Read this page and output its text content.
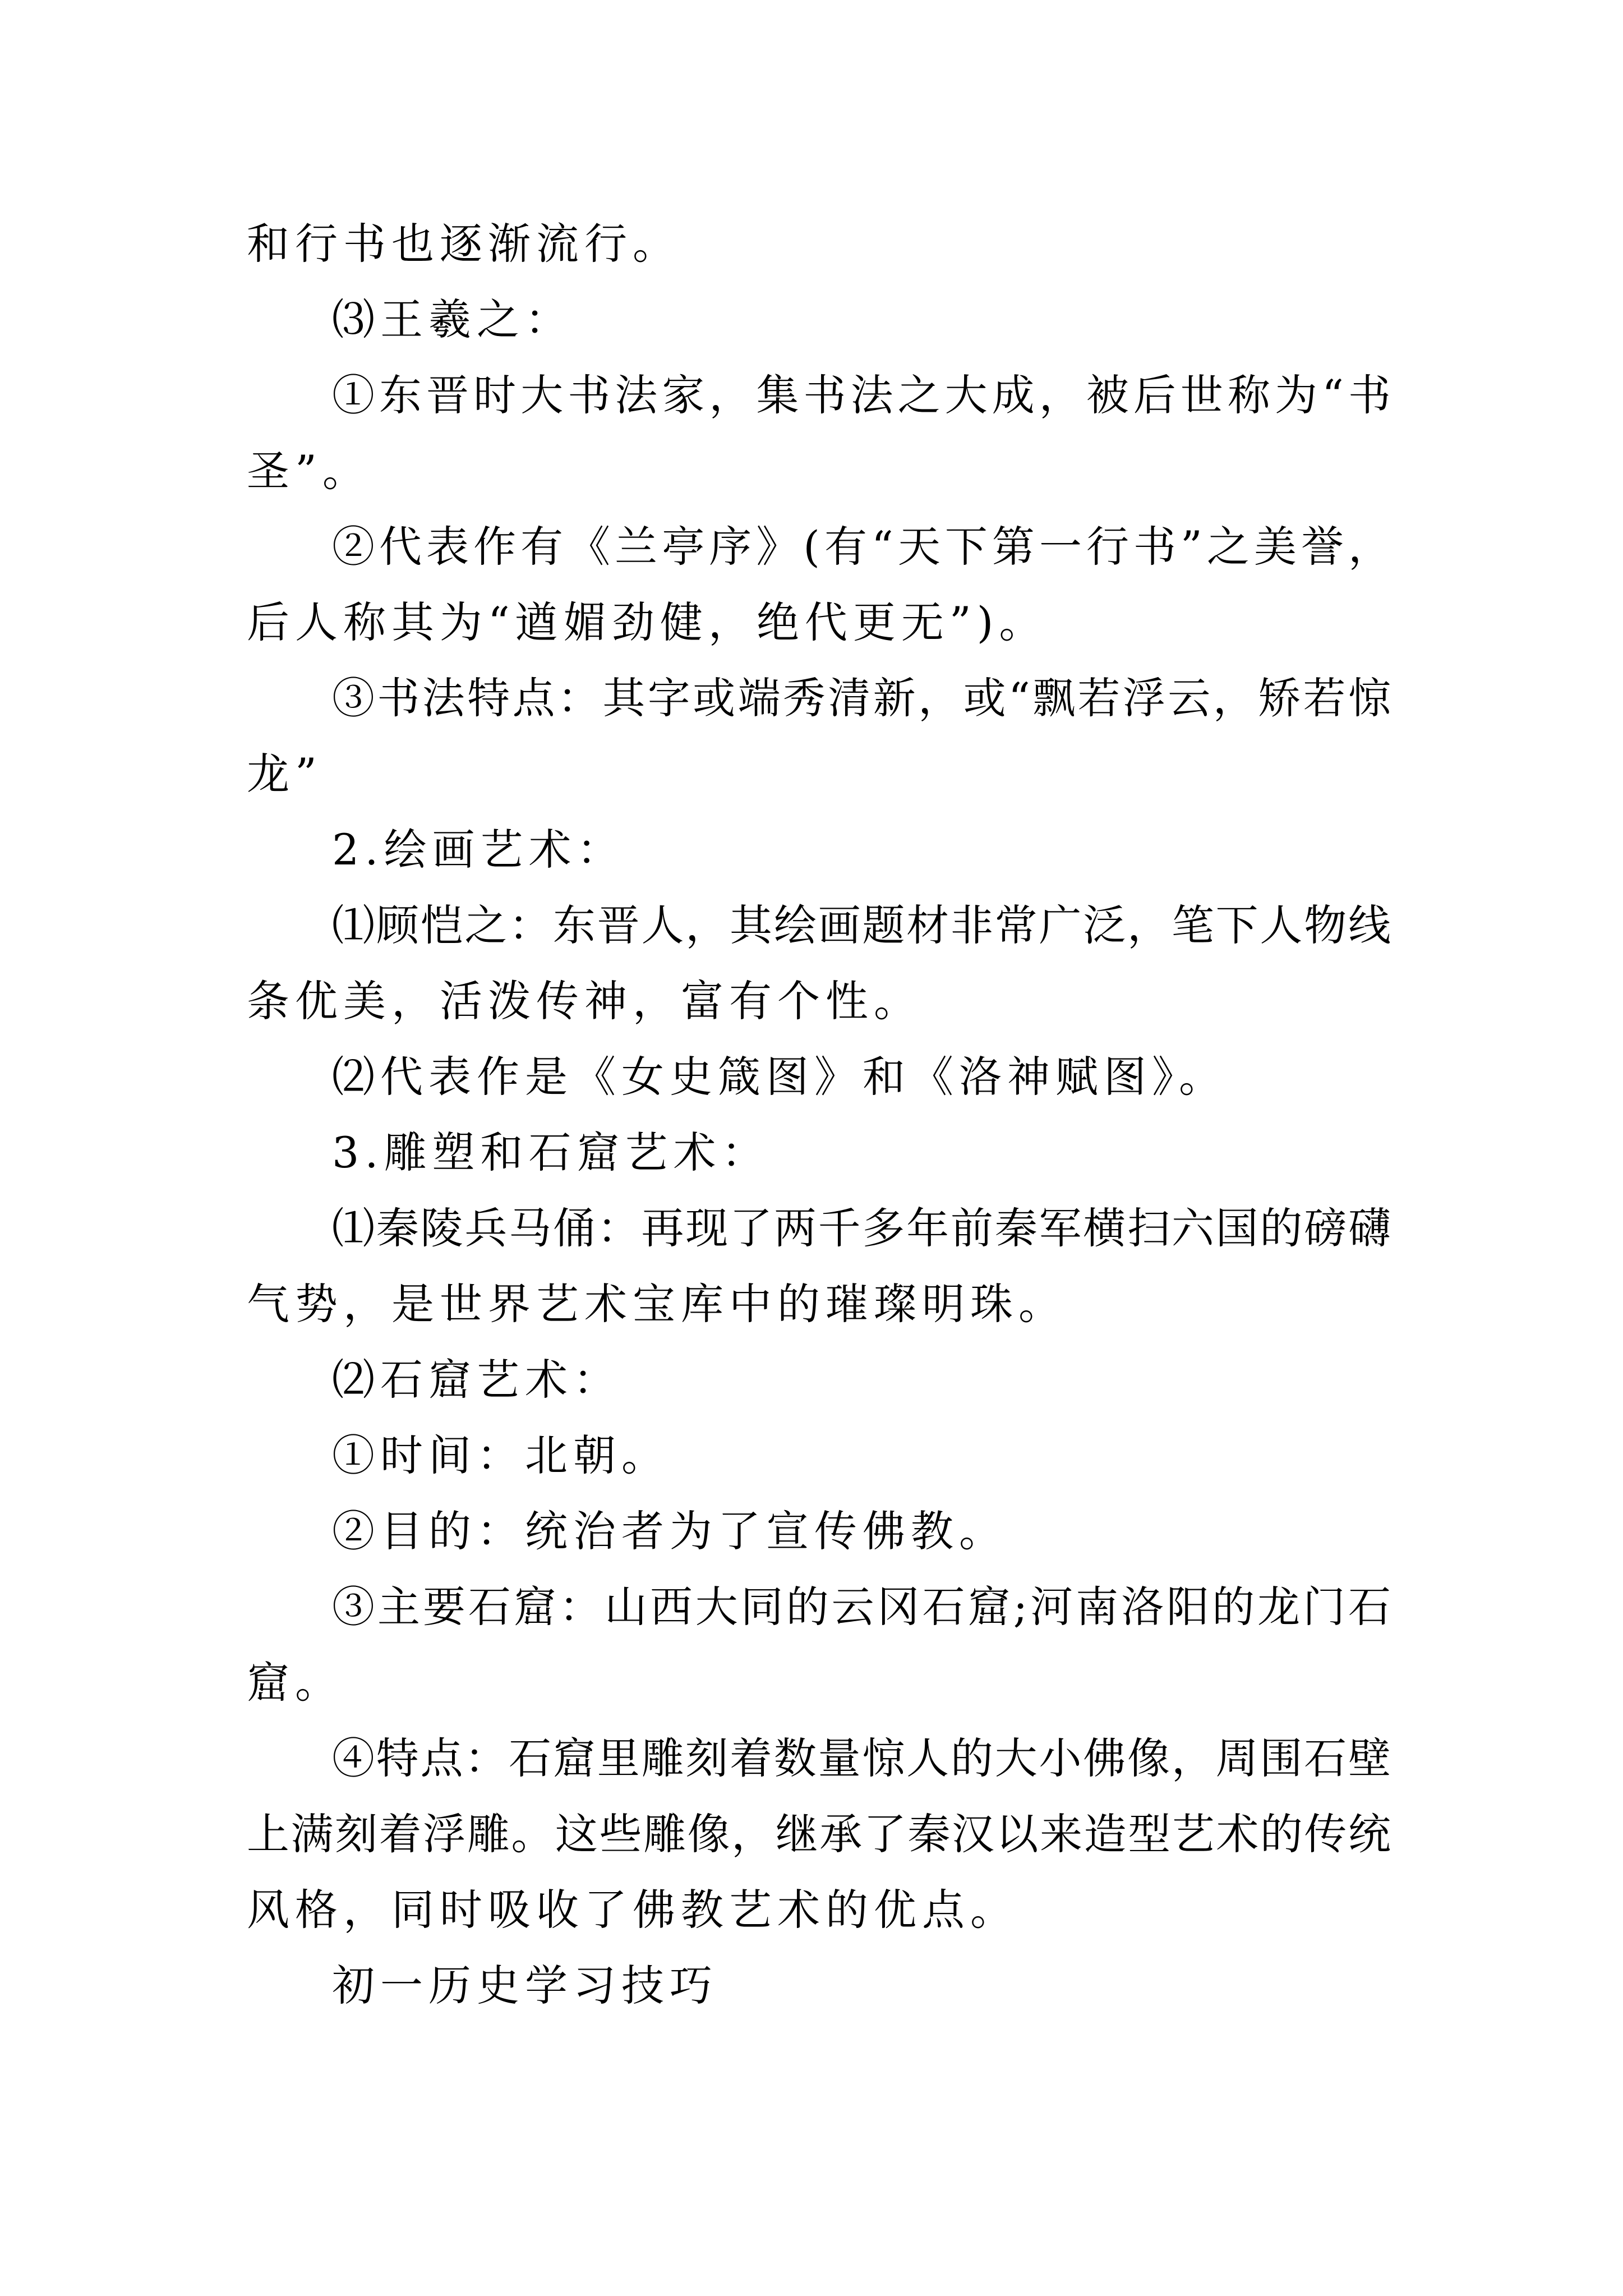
和行书也逐渐流行。
⑶王羲之：
①东晋时大书法家，集书法之大成，被后世称为“书
圣”。
②代表作有《兰亭序》(有“天下第一行书”之美誉，
后人称其为“遒媚劲健，绝代更无”)。
③书法特点：其字或端秀清新，或“飘若浮云，矫若惊
龙”
2.绘画艺术：
⑴顾恺之：东晋人，其绘画题材非常广泛，笔下人物线
条优美，活泼传神，富有个性。
⑵代表作是《女史箴图》和《洛神赋图》。
3.雕塑和石窟艺术：
⑴秦陵兵马俑：再现了两千多年前秦军横扫六国的磅礴
气势，是世界艺术宝库中的璀璨明珠。
⑵石窟艺术：
①时间：北朝。
②目的：统治者为了宣传佛教。
③主要石窟：山西大同的云冈石窟;河南洛阳的龙门石
窟。
④特点：石窟里雕刻着数量惊人的大小佛像，周围石壁
上满刻着浮雕。这些雕像，继承了秦汉以来造型艺术的传统
风格，同时吸收了佛教艺术的优点。
初一历史学习技巧
